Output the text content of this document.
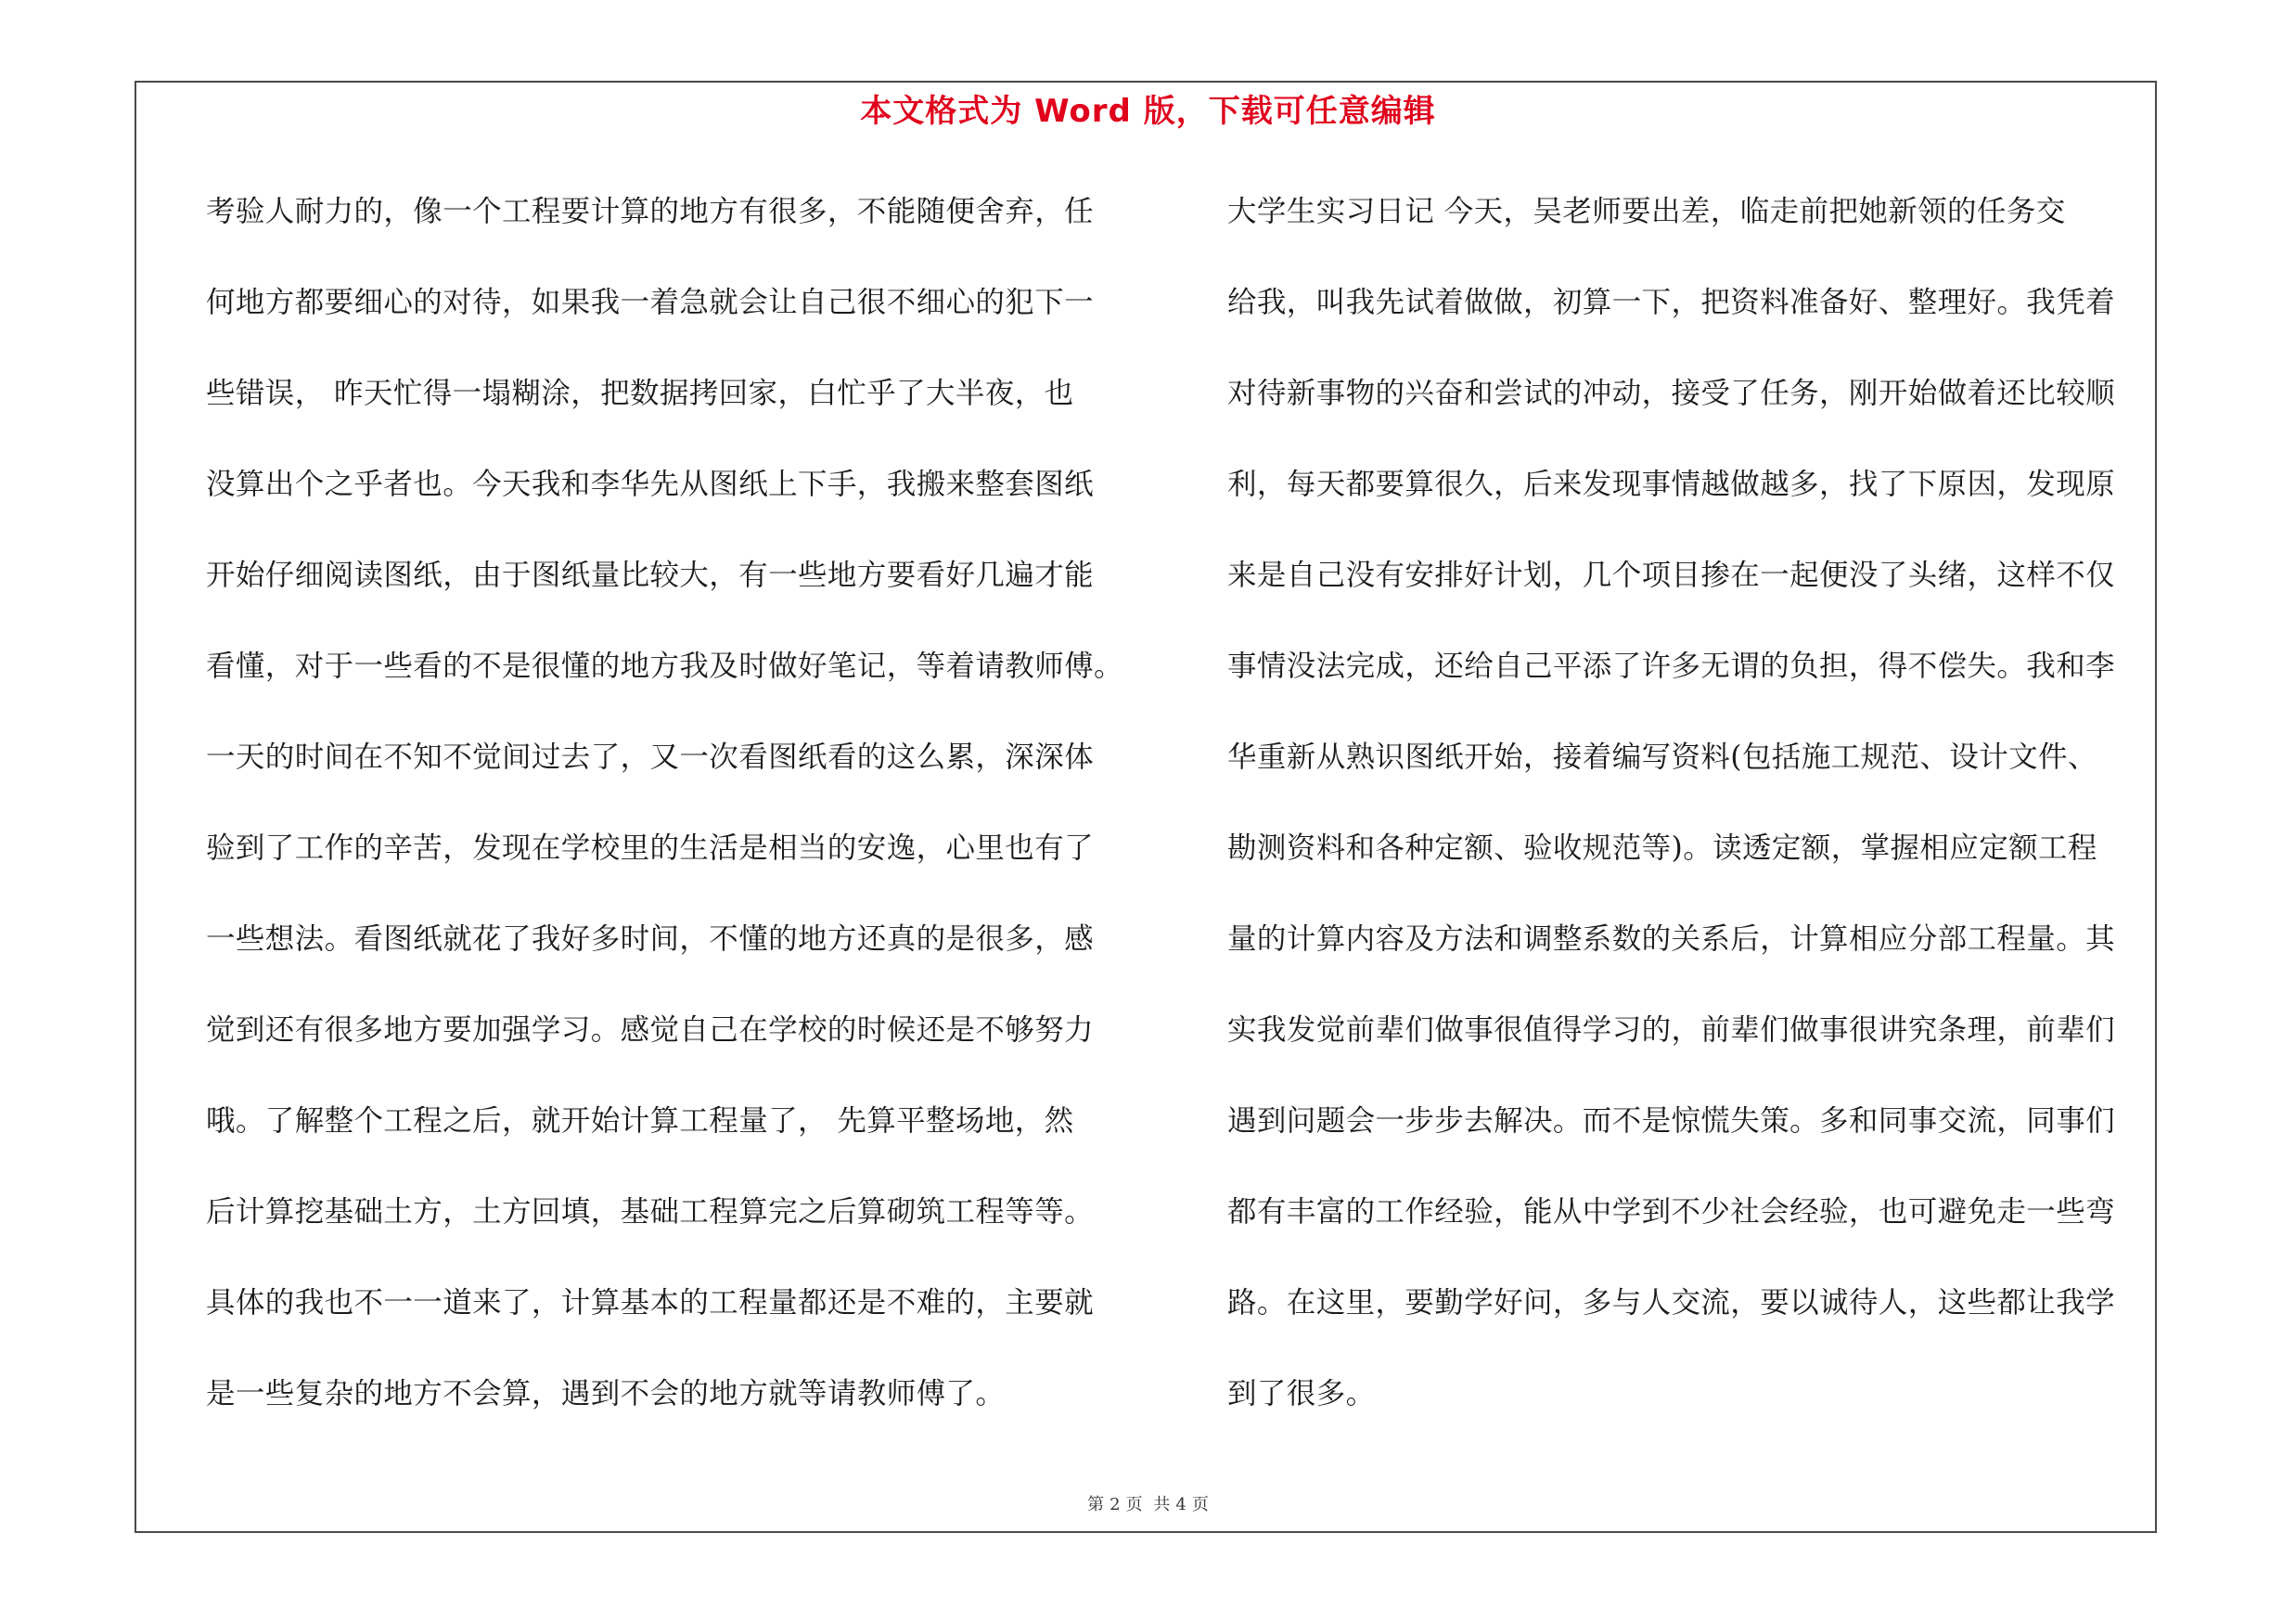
本文格式为 Word 版，下载可任意编辑
考验人耐力的，像一个工程要计算的地方有很多，不能随便舍弃，任
何地方都要细心的对待，如果我一着急就会让自己很不细心的犯下一
些错误， 昨天忙得一塌糊涂，把数据拷回家，白忙乎了大半夜，也
没算出个之乎者也。今天我和李华先从图纸上下手，我搬来整套图纸
开始仔细阅读图纸，由于图纸量比较大，有一些地方要看好几遍才能
看懂，对于一些看的不是很懂的地方我及时做好笔记，等着请教师傅。
一天的时间在不知不觉间过去了，又一次看图纸看的这么累，深深体
验到了工作的辛苦，发现在学校里的生活是相当的安逸，心里也有了
一些想法。看图纸就花了我好多时间，不懂的地方还真的是很多，感
觉到还有很多地方要加强学习。感觉自己在学校的时候还是不够努力
哦。了解整个工程之后，就开始计算工程量了， 先算平整场地，然
后计算挖基础土方，土方回填，基础工程算完之后算砌筑工程等等。
具体的我也不一一道来了，计算基本的工程量都还是不难的，主要就
是一些复杂的地方不会算，遇到不会的地方就等请教师傅了。
大学生实习日记 今天，吴老师要出差，临走前把她新领的任务交
给我，叫我先试着做做，初算一下，把资料准备好、整理好。我凭着
对待新事物的兴奋和尝试的冲动，接受了任务，刚开始做着还比较顺
利，每天都要算很久，后来发现事情越做越多，找了下原因，发现原
来是自己没有安排好计划，几个项目掺在一起便没了头绪，这样不仅
事情没法完成，还给自己平添了许多无谓的负担，得不偿失。我和李
华重新从熟识图纸开始，接着编写资料(包括施工规范、设计文件、
勘测资料和各种定额、验收规范等)。读透定额，掌握相应定额工程
量的计算内容及方法和调整系数的关系后，计算相应分部工程量。其
实我发觉前辈们做事很值得学习的，前辈们做事很讲究条理，前辈们
遇到问题会一步步去解决。而不是惊慌失策。多和同事交流，同事们
都有丰富的工作经验，能从中学到不少社会经验，也可避免走一些弯
路。在这里，要勤学好问，多与人交流，要以诚待人，这些都让我学
到了很多。
第 2 页 共 4 页
